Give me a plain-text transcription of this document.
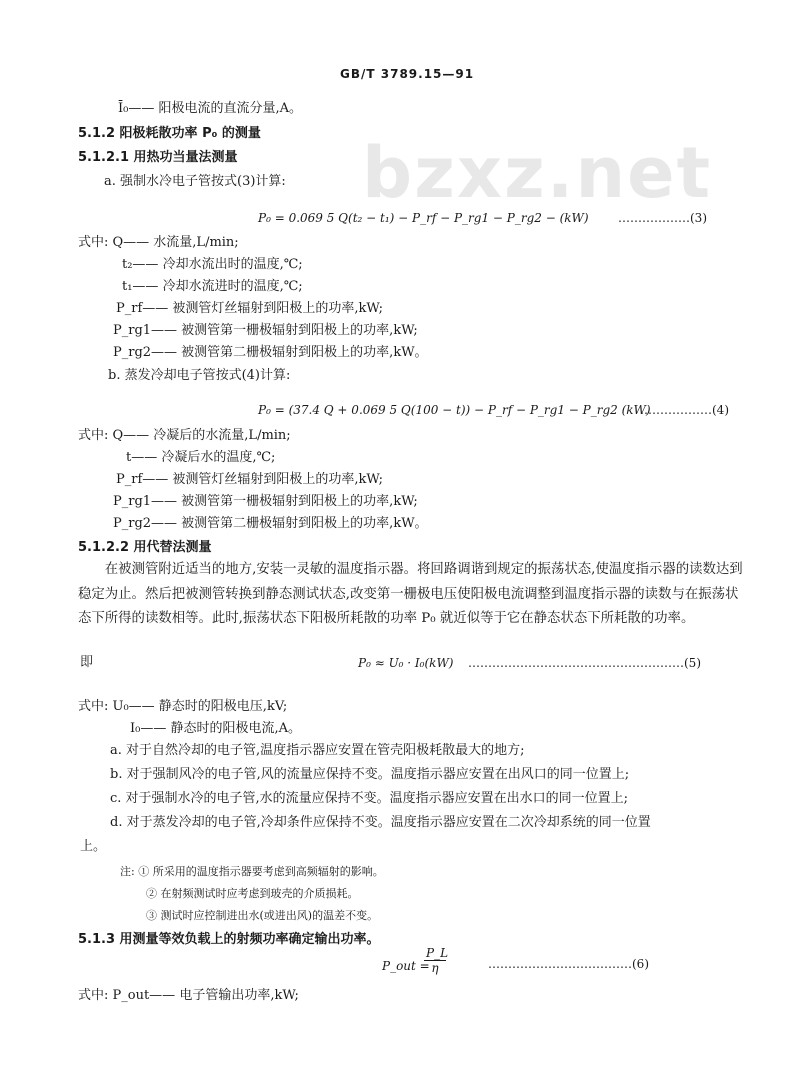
bzxz.net
GB/T 3789.15—91
Ī₀—— 阳极电流的直流分量,A。
5.1.2 阳极耗散功率 P₀ 的测量
5.1.2.1 用热功当量法测量
a. 强制水冷电子管按式(3)计算:
P₀ = 0.069 5 Q(t₂ − t₁) − P_rf − P_rg1 − P_rg2 − (kW) ………………(3)
式中: Q—— 水流量,L/min;
t₂—— 冷却水流出时的温度,℃;
t₁—— 冷却水流进时的温度,℃;
P_rf—— 被测管灯丝辐射到阳极上的功率,kW;
P_rg1—— 被测管第一栅极辐射到阳极上的功率,kW;
P_rg2—— 被测管第二栅极辐射到阳极上的功率,kW。
b. 蒸发冷却电子管按式(4)计算:
P₀ = (37.4 Q + 0.069 5 Q(100 − t)) − P_rf − P_rg1 − P_rg2 (kW)
………………(4)
式中: Q—— 冷凝后的水流量,L/min;
t—— 冷凝后水的温度,℃;
P_rf—— 被测管灯丝辐射到阳极上的功率,kW;
P_rg1—— 被测管第一栅极辐射到阳极上的功率,kW;
P_rg2—— 被测管第二栅极辐射到阳极上的功率,kW。
5.1.2.2 用代替法测量
在被测管附近适当的地方,安装一灵敏的温度指示器。将回路调谐到规定的振荡状态,使温度指示器的读数达到稳定为止。然后把被测管转换到静态测试状态,改变第一栅极电压使阳极电流调整到温度指示器的读数与在振荡状态下所得的读数相等。此时,振荡状态下阳极所耗散的功率 P₀ 就近似等于它在静态状态下所耗散的功率。
即	P₀ ≈ U₀ · I₀(kW) ………………………………………………(5)
式中: U₀—— 静态时的阳极电压,kV;
I₀—— 静态时的阳极电流,A。
a. 对于自然冷却的电子管,温度指示器应安置在管壳阳极耗散最大的地方;
b. 对于强制风冷的电子管,风的流量应保持不变。温度指示器应安置在出风口的同一位置上;
c. 对于强制水冷的电子管,水的流量应保持不变。温度指示器应安置在出水口的同一位置上;
d. 对于蒸发冷却的电子管,冷却条件应保持不变。温度指示器应安置在二次冷却系统的同一位置
上。
注: ① 所采用的温度指示器要考虑到高频辐射的影响。
② 在射频测试时应考虑到玻壳的介质损耗。
③ 测试时应控制进出水(或进出风)的温差不变。
5.1.3 用测量等效负载上的射频功率确定输出功率。
P_out =
$\frac{P\_L}{\eta}$	………………………………(6)
式中: P_out—— 电子管输出功率,kW;
